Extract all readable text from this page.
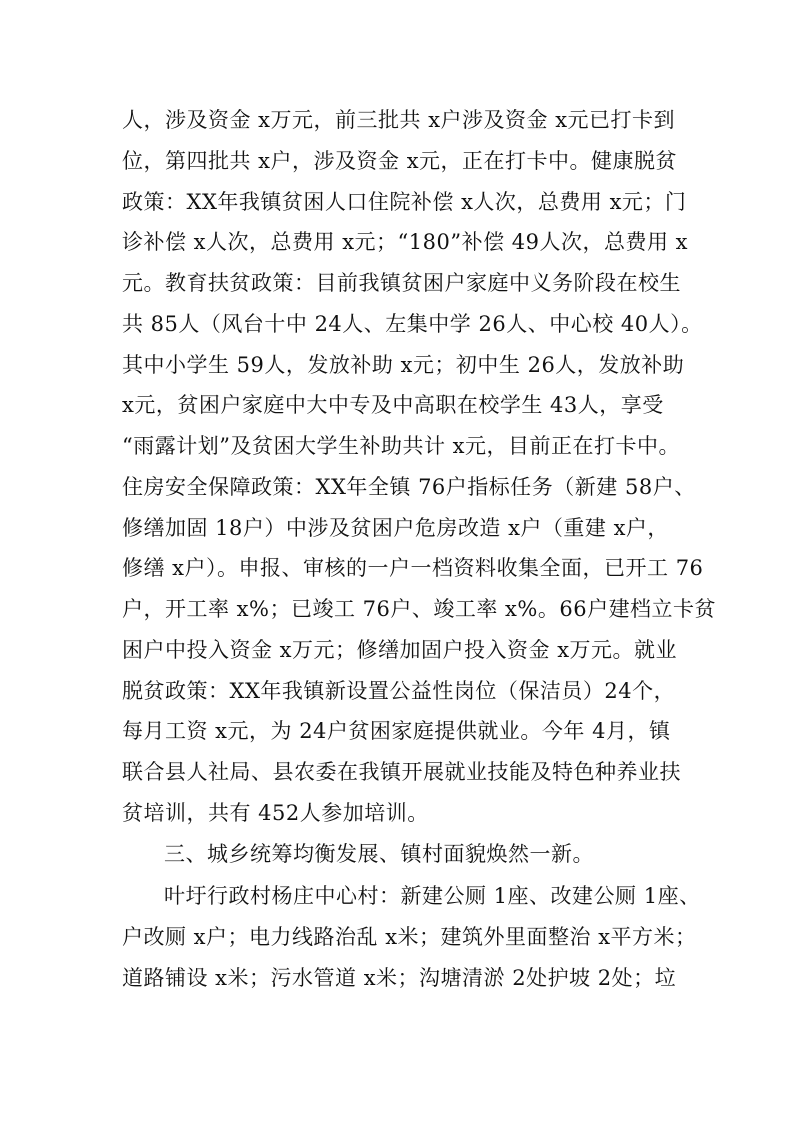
人，涉及资金 x万元，前三批共 x户涉及资金 x元已打卡到
位，第四批共 x户，涉及资金 x元，正在打卡中。健康脱贫
政策：XX年我镇贫困人口住院补偿 x人次，总费用 x元；门
诊补偿 x人次，总费用 x元；“180”补偿 49人次，总费用 x
元。教育扶贫政策：目前我镇贫困户家庭中义务阶段在校生
共 85人（风台十中 24人、左集中学 26人、中心校 40人）。
其中小学生 59人，发放补助 x元；初中生 26人，发放补助
x元，贫困户家庭中大中专及中高职在校学生 43人，享受
“雨露计划”及贫困大学生补助共计 x元，目前正在打卡中。
住房安全保障政策：XX年全镇 76户指标任务（新建 58户、
修缮加固 18户）中涉及贫困户危房改造 x户（重建 x户，
修缮 x户）。申报、审核的一户一档资料收集全面，已开工 76
户，开工率 x%；已竣工 76户、竣工率 x%。66户建档立卡贫
困户中投入资金 x万元；修缮加固户投入资金 x万元。就业
脱贫政策：XX年我镇新设置公益性岗位（保洁员）24个，
每月工资 x元，为 24户贫困家庭提供就业。今年 4月，镇
联合县人社局、县农委在我镇开展就业技能及特色种养业扶
贫培训，共有 452人参加培训。
三、城乡统筹均衡发展、镇村面貌焕然一新。
叶圩行政村杨庄中心村：新建公厕 1座、改建公厕 1座、
户改厕 x户；电力线路治乱 x米；建筑外里面整治 x平方米；
道路铺设 x米；污水管道 x米；沟塘清淤 2处护坡 2处；垃
